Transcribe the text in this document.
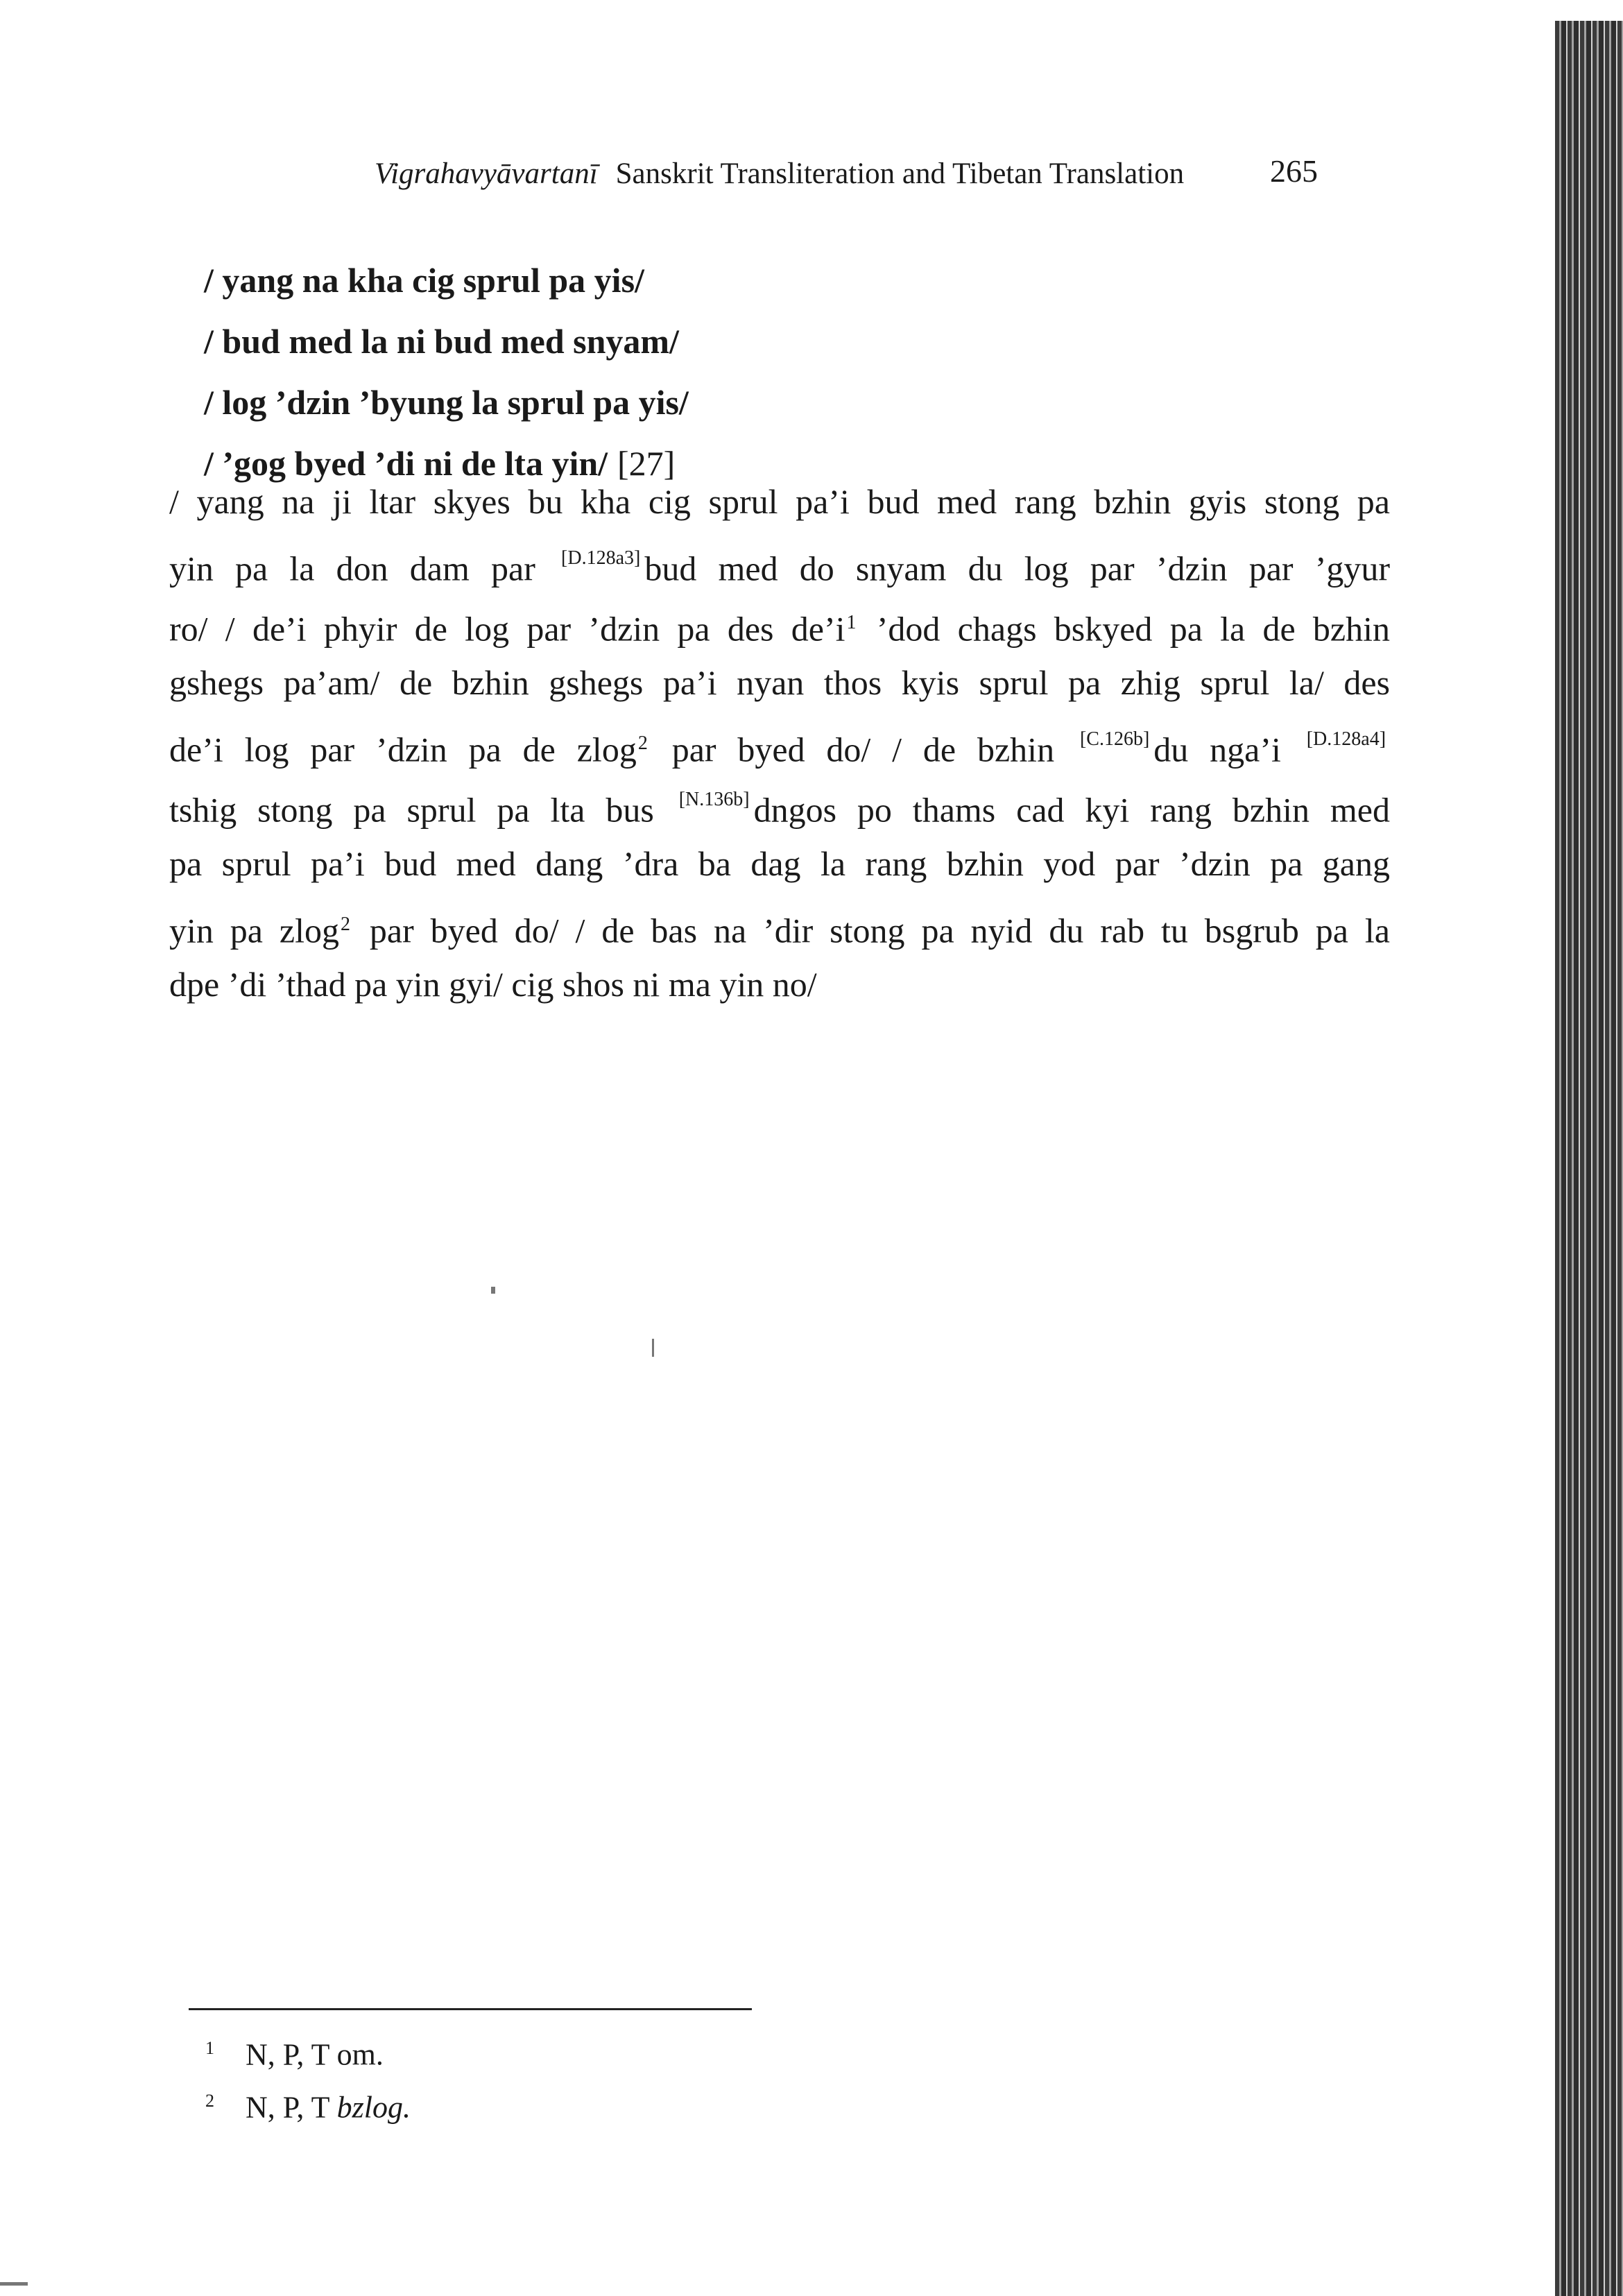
Vigrahavyāvartanī Sanskrit Transliteration and Tibetan Translation	265
/ yang na kha cig sprul pa yis/
/ bud med la ni bud med snyam/
/ log ’dzin ’byung la sprul pa yis/
/ ’gog byed ’di ni de lta yin/ [27]
/ yang na ji ltar skyes bu kha cig sprul pa’i bud med rang bzhin gyis stong pa
yin pa la don dam par [D.128a3] bud med do snyam du log par ’dzin par ’gyur
ro/ / de’i phyir de log par ’dzin pa des de’i$^1$ ’dod chags bskyed pa la de bzhin
gshegs pa’am/ de bzhin gshegs pa’i nyan thos kyis sprul pa zhig sprul la/ des
de’i log par ’dzin pa de zlog$^2$ par byed do/ / de bzhin [C.126b] du nga’i [D.128a4]
tshig stong pa sprul pa lta bus [N.136b] dngos po thams cad kyi rang bzhin med
pa sprul pa’i bud med dang ’dra ba dag la rang bzhin yod par ’dzin pa gang
yin pa zlog$^2$ par byed do/ / de bas na ’dir stong pa nyid du rab tu bsgrub pa la
dpe ’di ’thad pa yin gyi/ cig shos ni ma yin no/
1 N, P, T om.
2 N, P, T bzlog.
